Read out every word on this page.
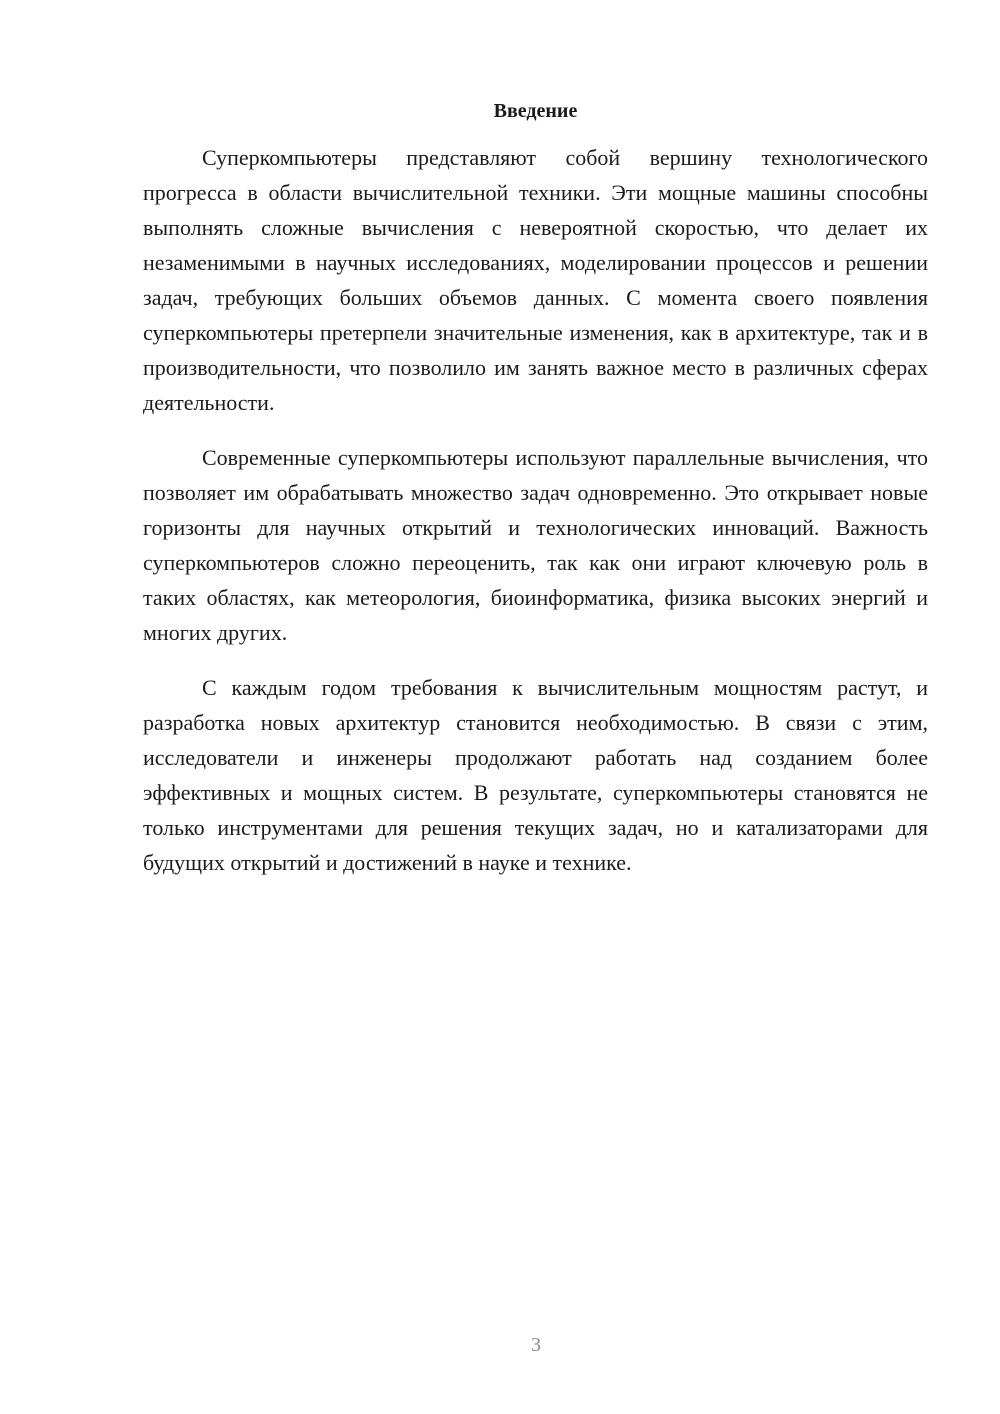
Введение

Суперкомпьютеры представляют собой вершину технологического прогресса в области вычислительной техники. Эти мощные машины способны выполнять сложные вычисления с невероятной скоростью, что делает их незаменимыми в научных исследованиях, моделировании процессов и решении задач, требующих больших объемов данных. С момента своего появления суперкомпьютеры претерпели значительные изменения, как в архитектуре, так и в производительности, что позволило им занять важное место в различных сферах деятельности.

Современные суперкомпьютеры используют параллельные вычисления, что позволяет им обрабатывать множество задач одновременно. Это открывает новые горизонты для научных открытий и технологических инноваций. Важность суперкомпьютеров сложно переоценить, так как они играют ключевую роль в таких областях, как метеорология, биоинформатика, физика высоких энергий и многих других.

С каждым годом требования к вычислительным мощностям растут, и разработка новых архитектур становится необходимостью. В связи с этим, исследователи и инженеры продолжают работать над созданием более эффективных и мощных систем. В результате, суперкомпьютеры становятся не только инструментами для решения текущих задач, но и катализаторами для будущих открытий и достижений в науке и технике.

3
